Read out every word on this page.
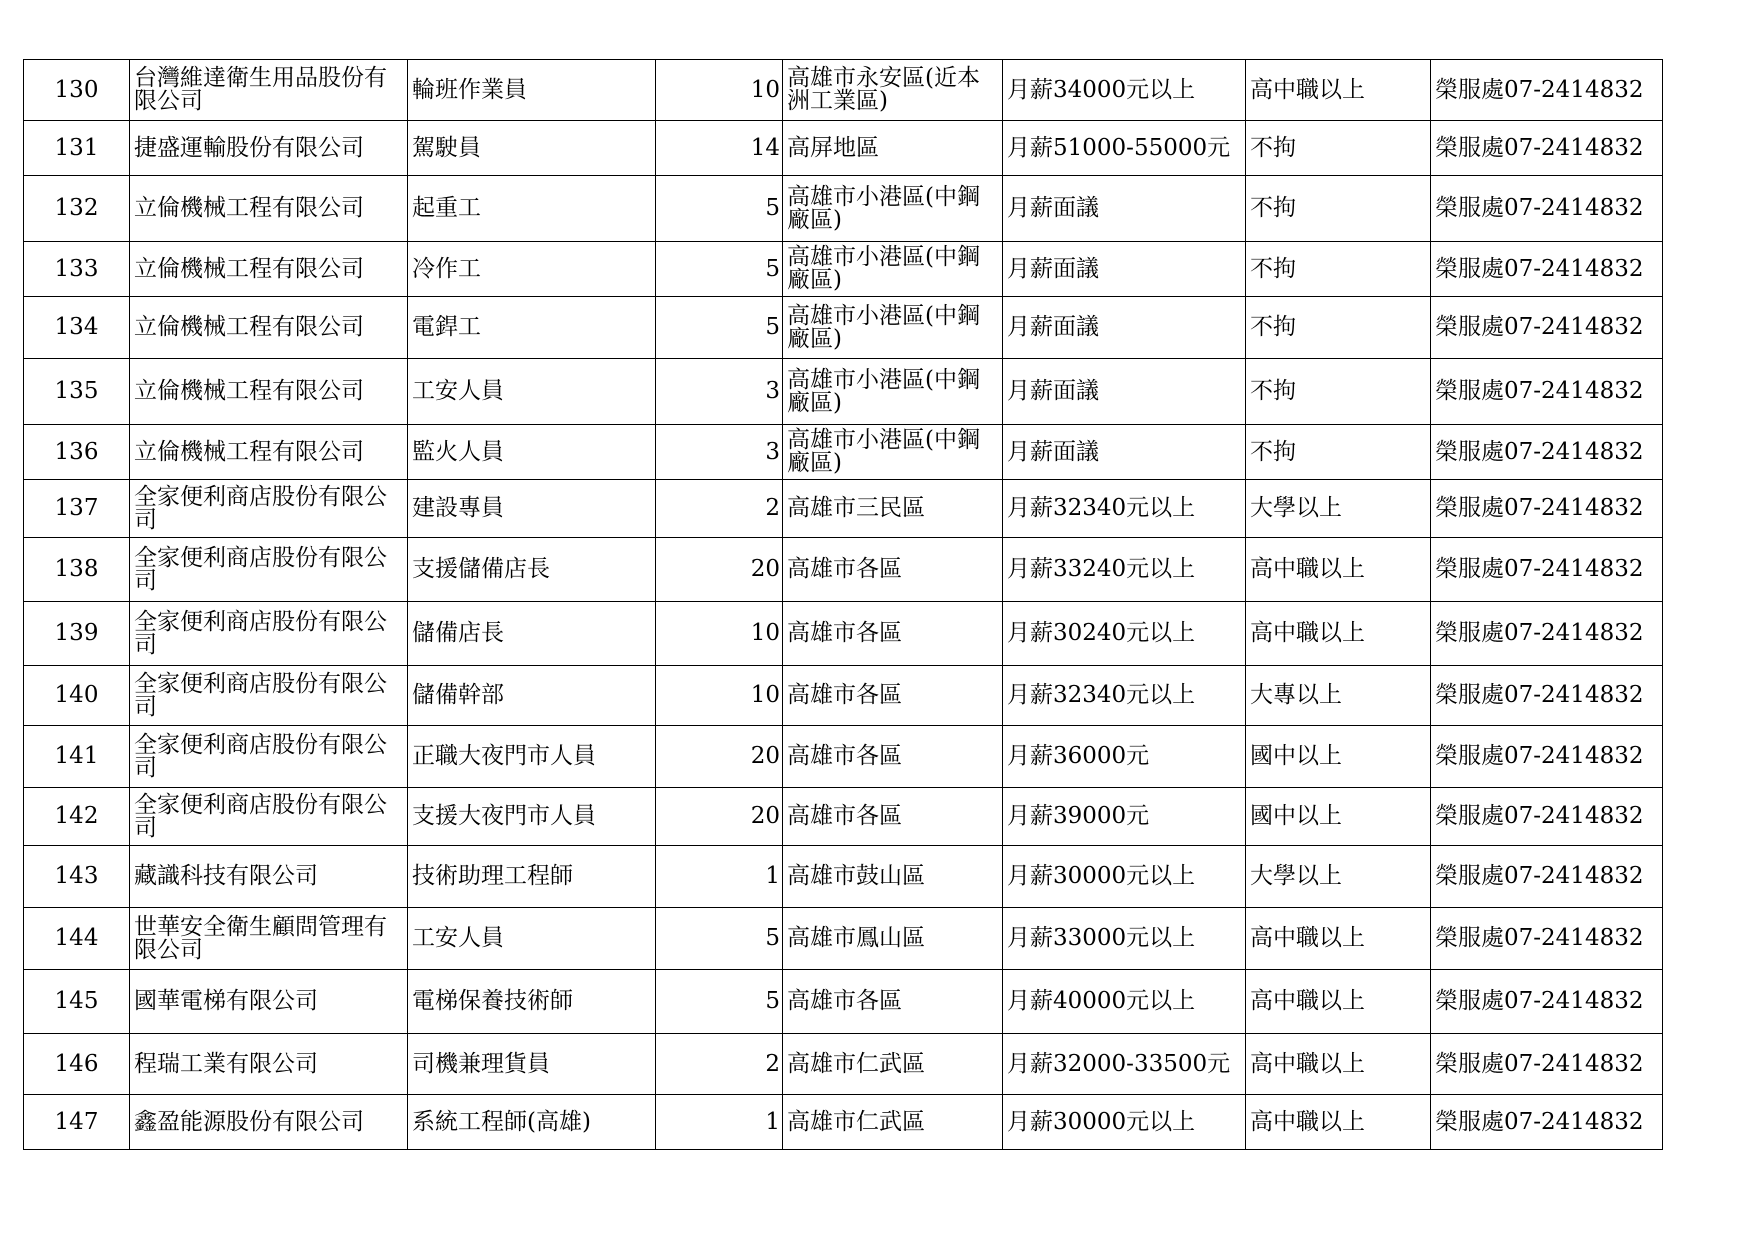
130	台灣維達衛生用品股份有限公司	輪班作業員	10	高雄市永安區(近本洲工業區)	月薪34000元以上	高中職以上	榮服處07-2414832
131	捷盛運輸股份有限公司	駕駛員	14	高屏地區	月薪51000-55000元	不拘	榮服處07-2414832
132	立倫機械工程有限公司	起重工	5	高雄市小港區(中鋼廠區)	月薪面議	不拘	榮服處07-2414832
133	立倫機械工程有限公司	冷作工	5	高雄市小港區(中鋼廠區)	月薪面議	不拘	榮服處07-2414832
134	立倫機械工程有限公司	電銲工	5	高雄市小港區(中鋼廠區)	月薪面議	不拘	榮服處07-2414832
135	立倫機械工程有限公司	工安人員	3	高雄市小港區(中鋼廠區)	月薪面議	不拘	榮服處07-2414832
136	立倫機械工程有限公司	監火人員	3	高雄市小港區(中鋼廠區)	月薪面議	不拘	榮服處07-2414832
137	全家便利商店股份有限公司	建設專員	2	高雄市三民區	月薪32340元以上	大學以上	榮服處07-2414832
138	全家便利商店股份有限公司	支援儲備店長	20	高雄市各區	月薪33240元以上	高中職以上	榮服處07-2414832
139	全家便利商店股份有限公司	儲備店長	10	高雄市各區	月薪30240元以上	高中職以上	榮服處07-2414832
140	全家便利商店股份有限公司	儲備幹部	10	高雄市各區	月薪32340元以上	大專以上	榮服處07-2414832
141	全家便利商店股份有限公司	正職大夜門市人員	20	高雄市各區	月薪36000元	國中以上	榮服處07-2414832
142	全家便利商店股份有限公司	支援大夜門市人員	20	高雄市各區	月薪39000元	國中以上	榮服處07-2414832
143	藏識科技有限公司	技術助理工程師	1	高雄市鼓山區	月薪30000元以上	大學以上	榮服處07-2414832
144	世華安全衛生顧問管理有限公司	工安人員	5	高雄市鳳山區	月薪33000元以上	高中職以上	榮服處07-2414832
145	國華電梯有限公司	電梯保養技術師	5	高雄市各區	月薪40000元以上	高中職以上	榮服處07-2414832
146	程瑞工業有限公司	司機兼理貨員	2	高雄市仁武區	月薪32000-33500元	高中職以上	榮服處07-2414832
147	鑫盈能源股份有限公司	系統工程師(高雄)	1	高雄市仁武區	月薪30000元以上	高中職以上	榮服處07-2414832
